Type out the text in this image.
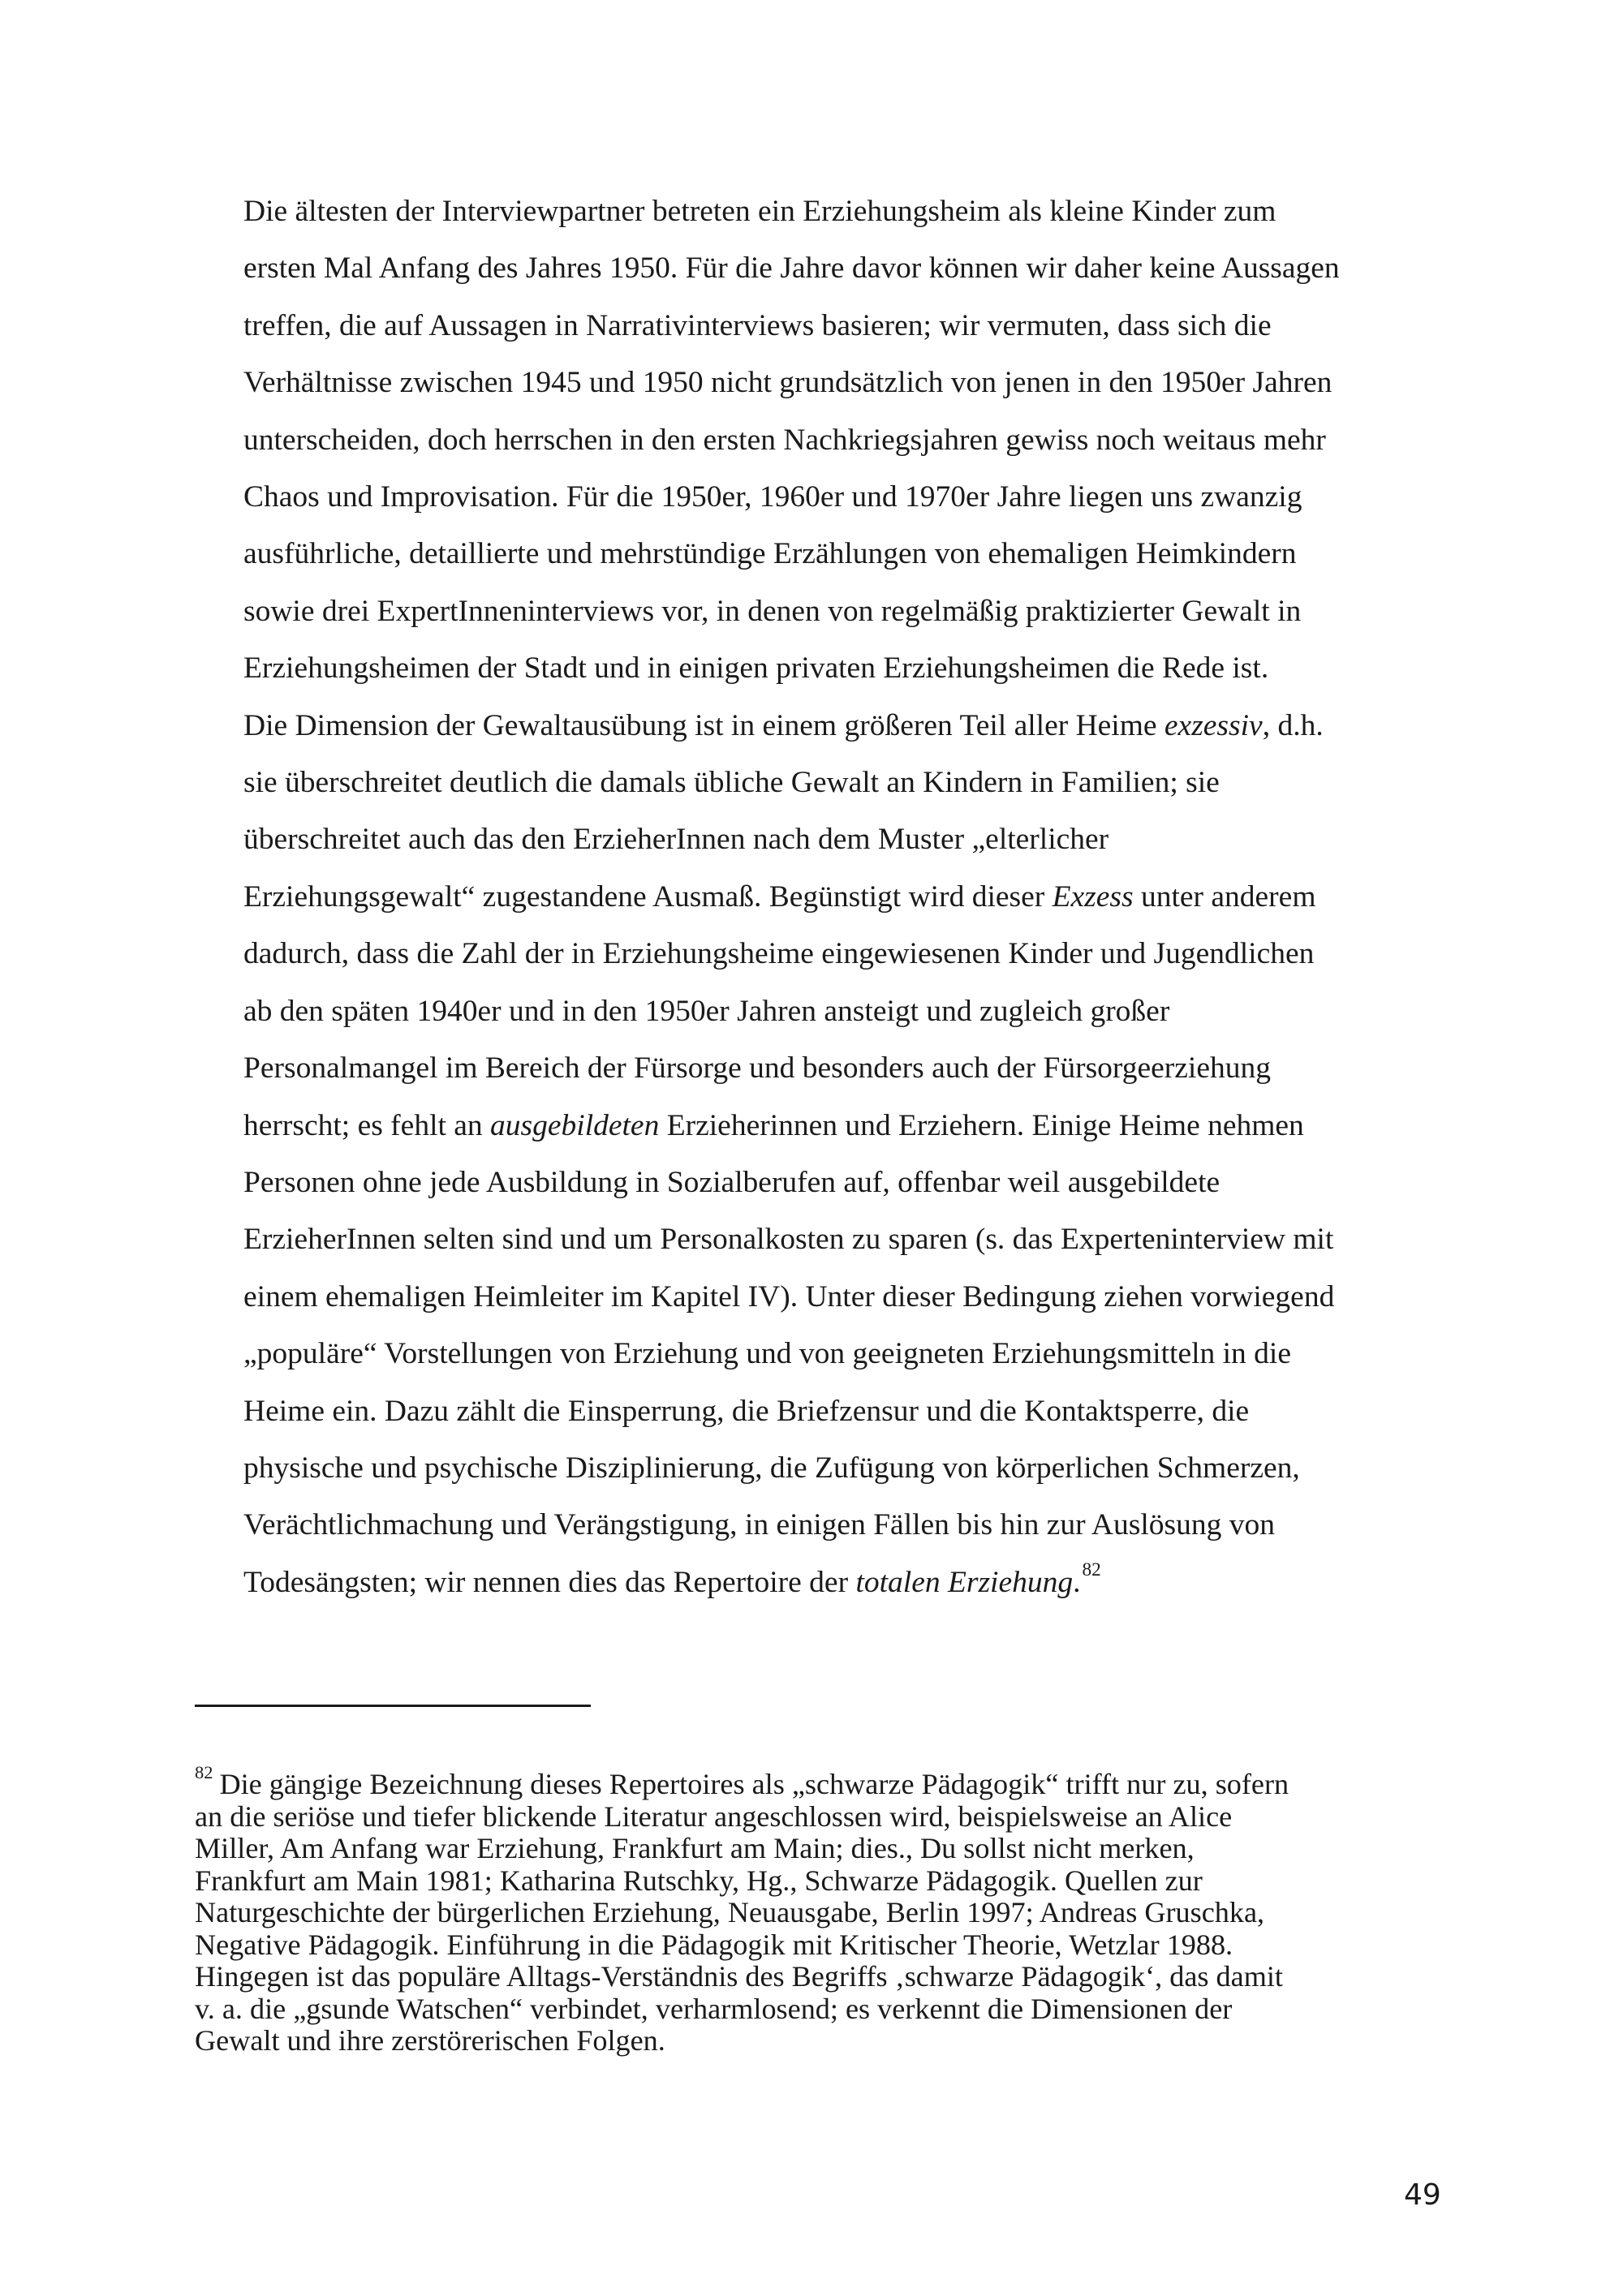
Die ältesten der Interviewpartner betreten ein Erziehungsheim als kleine Kinder zum
ersten Mal Anfang des Jahres 1950. Für die Jahre davor können wir daher keine Aussagen
treffen, die auf Aussagen in Narrativinterviews basieren; wir vermuten, dass sich die
Verhältnisse zwischen 1945 und 1950 nicht grundsätzlich von jenen in den 1950er Jahren
unterscheiden, doch herrschen in den ersten Nachkriegsjahren gewiss noch weitaus mehr
Chaos und Improvisation. Für die 1950er, 1960er und 1970er Jahre liegen uns zwanzig
ausführliche, detaillierte und mehrstündige Erzählungen von ehemaligen Heimkindern
sowie drei ExpertInneninterviews vor, in denen von regelmäßig praktizierter Gewalt in
Erziehungsheimen der Stadt und in einigen privaten Erziehungsheimen die Rede ist.
Die Dimension der Gewaltausübung ist in einem größeren Teil aller Heime exzessiv, d.h.
sie überschreitet deutlich die damals übliche Gewalt an Kindern in Familien; sie
überschreitet auch das den ErzieherInnen nach dem Muster „elterlicher
Erziehungsgewalt“ zugestandene Ausmaß. Begünstigt wird dieser Exzess unter anderem
dadurch, dass die Zahl der in Erziehungsheime eingewiesenen Kinder und Jugendlichen
ab den späten 1940er und in den 1950er Jahren ansteigt und zugleich großer
Personalmangel im Bereich der Fürsorge und besonders auch der Fürsorgeerziehung
herrscht; es fehlt an ausgebildeten Erzieherinnen und Erziehern. Einige Heime nehmen
Personen ohne jede Ausbildung in Sozialberufen auf, offenbar weil ausgebildete
ErzieherInnen selten sind und um Personalkosten zu sparen (s. das Experteninterview mit
einem ehemaligen Heimleiter im Kapitel IV). Unter dieser Bedingung ziehen vorwiegend
„populäre“ Vorstellungen von Erziehung und von geeigneten Erziehungsmitteln in die
Heime ein. Dazu zählt die Einsperrung, die Briefzensur und die Kontaktsperre, die
physische und psychische Disziplinierung, die Zufügung von körperlichen Schmerzen,
Verächtlichmachung und Verängstigung, in einigen Fällen bis hin zur Auslösung von
Todesängsten; wir nennen dies das Repertoire der totalen Erziehung.$^{82}$
$^{82}$ Die gängige Bezeichnung dieses Repertoires als „schwarze Pädagogik“ trifft nur zu, sofern
an die seriöse und tiefer blickende Literatur angeschlossen wird, beispielsweise an Alice
Miller, Am Anfang war Erziehung, Frankfurt am Main; dies., Du sollst nicht merken,
Frankfurt am Main 1981; Katharina Rutschky, Hg., Schwarze Pädagogik. Quellen zur
Naturgeschichte der bürgerlichen Erziehung, Neuausgabe, Berlin 1997; Andreas Gruschka,
Negative Pädagogik. Einführung in die Pädagogik mit Kritischer Theorie, Wetzlar 1988.
Hingegen ist das populäre Alltags-Verständnis des Begriffs ‚schwarze Pädagogik‘, das damit
v. a. die „gsunde Watschen“ verbindet, verharmlosend; es verkennt die Dimensionen der
Gewalt und ihre zerstörerischen Folgen.
49
